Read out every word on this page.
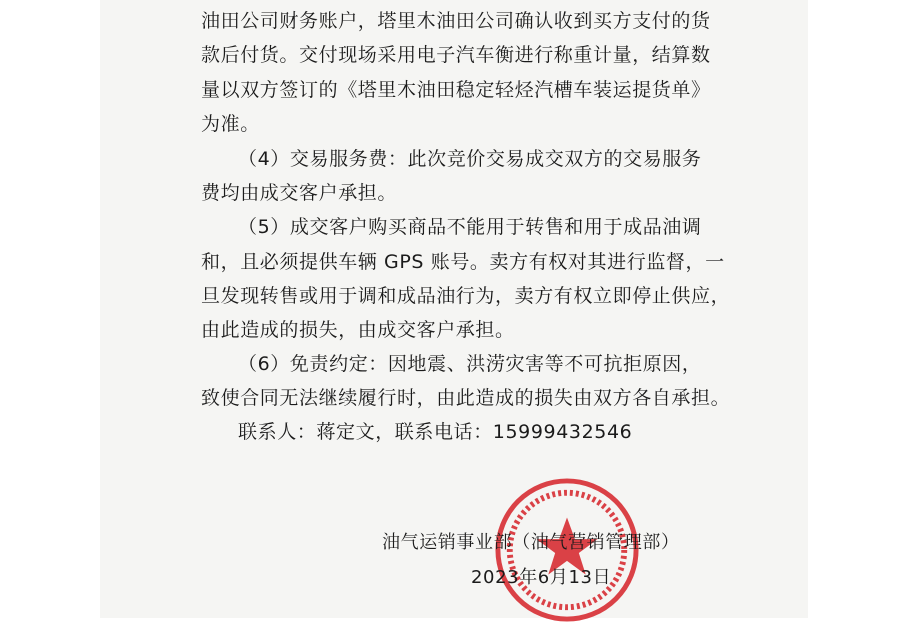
油田公司财务账户，塔里木油田公司确认收到买方支付的货

款后付货。交付现场采用电子汽车衡进行称重计量，结算数

量以双方签订的《塔里木油田稳定轻烃汽槽车装运提货单》

为准。

（4）交易服务费：此次竞价交易成交双方的交易服务

费均由成交客户承担。

（5）成交客户购买商品不能用于转售和用于成品油调

和，且必须提供车辆 GPS 账号。卖方有权对其进行监督，一

旦发现转售或用于调和成品油行为，卖方有权立即停止供应，

由此造成的损失，由成交客户承担。

（6）免责约定：因地震、洪涝灾害等不可抗拒原因，

致使合同无法继续履行时，由此造成的损失由双方各自承担。

联系人：蒋定文，联系电话：15999432546

油气运销事业部（油气营销管理部）

2023年6月13日
